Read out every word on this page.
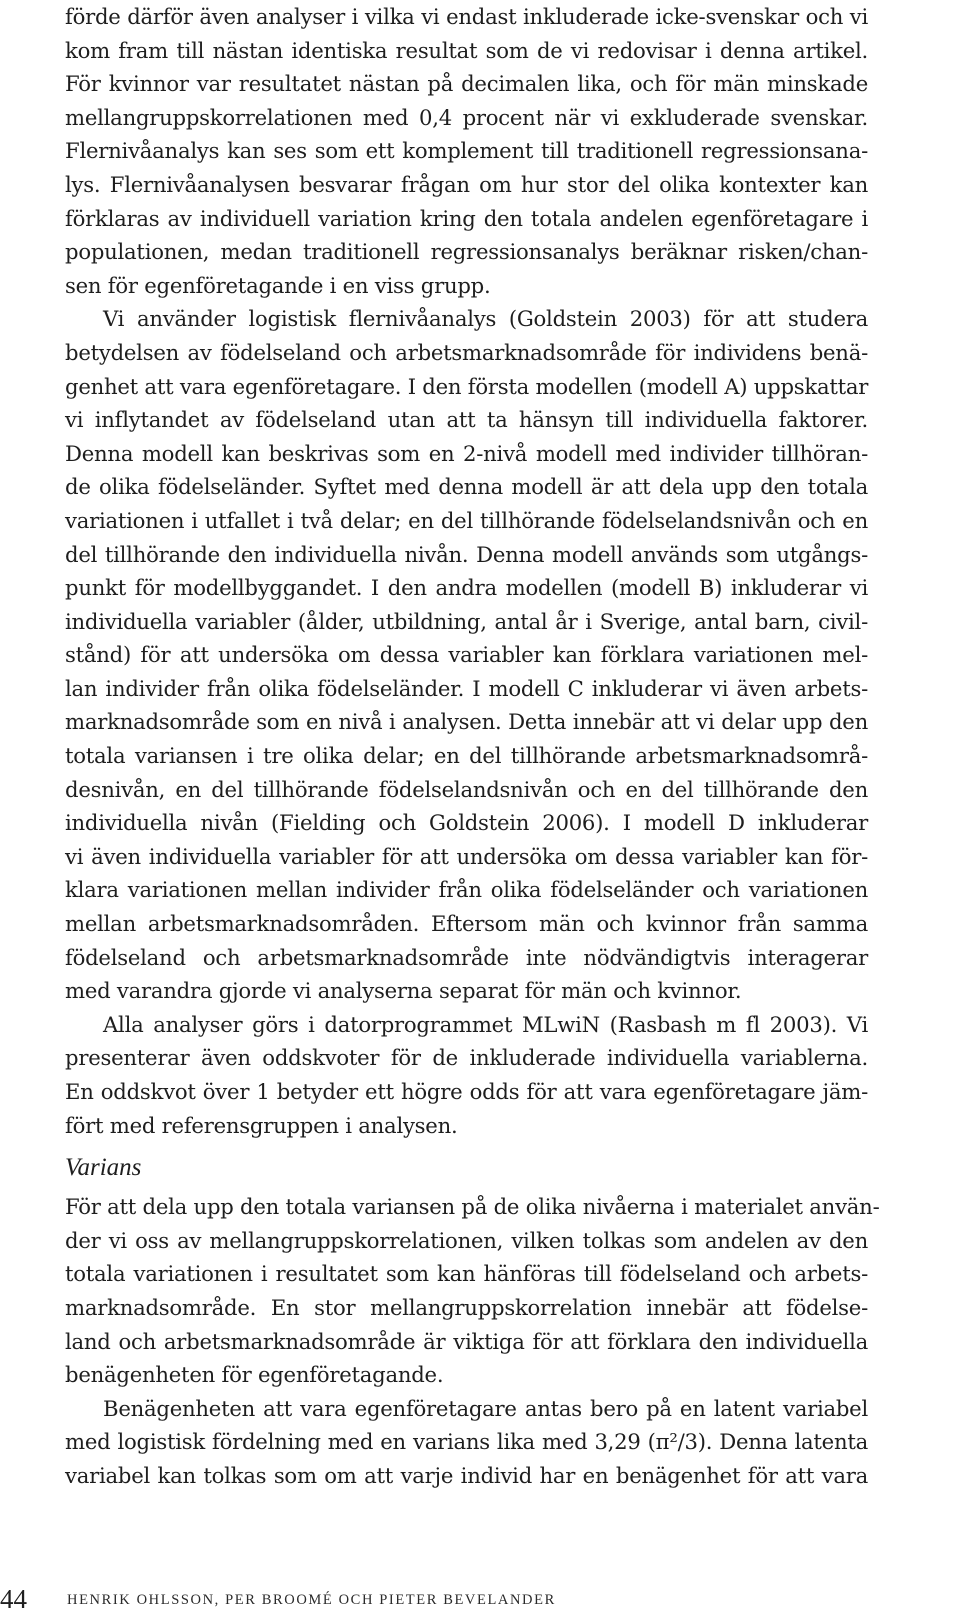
förde därför även analyser i vilka vi endast inkluderade icke-svenskar och vi
kom fram till nästan identiska resultat som de vi redovisar i denna artikel.
För kvinnor var resultatet nästan på decimalen lika, och för män minskade
mellangruppskorrelationen med 0,4 procent när vi exkluderade svenskar.
Flernivåanalys kan ses som ett komplement till traditionell regressionsana-
lys. Flernivåanalysen besvarar frågan om hur stor del olika kontexter kan
förklaras av individuell variation kring den totala andelen egenföretagare i
populationen, medan traditionell regressionsanalys beräknar risken/chan-
sen för egenföretagande i en viss grupp.
Vi använder logistisk flernivåanalys (Goldstein 2003) för att studera
betydelsen av födelseland och arbetsmarknadsområde för individens benä-
genhet att vara egenföretagare. I den första modellen (modell A) uppskattar
vi inflytandet av födelseland utan att ta hänsyn till individuella faktorer.
Denna modell kan beskrivas som en 2-nivå modell med individer tillhöran-
de olika födelseländer. Syftet med denna modell är att dela upp den totala
variationen i utfallet i två delar; en del tillhörande födelselandsnivån och en
del tillhörande den individuella nivån. Denna modell används som utgångs-
punkt för modellbyggandet. I den andra modellen (modell B) inkluderar vi
individuella variabler (ålder, utbildning, antal år i Sverige, antal barn, civil-
stånd) för att undersöka om dessa variabler kan förklara variationen mel-
lan individer från olika födelseländer. I modell C inkluderar vi även arbets-
marknadsområde som en nivå i analysen. Detta innebär att vi delar upp den
totala variansen i tre olika delar; en del tillhörande arbetsmarknadsområ-
desnivån, en del tillhörande födelselandsnivån och en del tillhörande den
individuella nivån (Fielding och Goldstein 2006). I modell D inkluderar
vi även individuella variabler för att undersöka om dessa variabler kan för-
klara variationen mellan individer från olika födelseländer och variationen
mellan arbetsmarknadsområden. Eftersom män och kvinnor från samma
födelseland och arbetsmarknadsområde inte nödvändigtvis interagerar
med varandra gjorde vi analyserna separat för män och kvinnor.
Alla analyser görs i datorprogrammet MLwiN (Rasbash m fl 2003). Vi
presenterar även oddskvoter för de inkluderade individuella variablerna.
En oddskvot över 1 betyder ett högre odds för att vara egenföretagare jäm-
fört med referensgruppen i analysen.
Varians
För att dela upp den totala variansen på de olika nivåerna i materialet använ-
der vi oss av mellangruppskorrelationen, vilken tolkas som andelen av den
totala variationen i resultatet som kan hänföras till födelseland och arbets-
marknadsområde. En stor mellangruppskorrelation innebär att födelse-
land och arbetsmarknadsområde är viktiga för att förklara den individuella
benägenheten för egenföretagande.
Benägenheten att vara egenföretagare antas bero på en latent variabel
med logistisk fördelning med en varians lika med 3,29 (π²/3). Denna latenta
variabel kan tolkas som om att varje individ har en benägenhet för att vara
44	HENRIK OHLSSON, PER BROOMÉ OCH PIETER BEVELANDER
